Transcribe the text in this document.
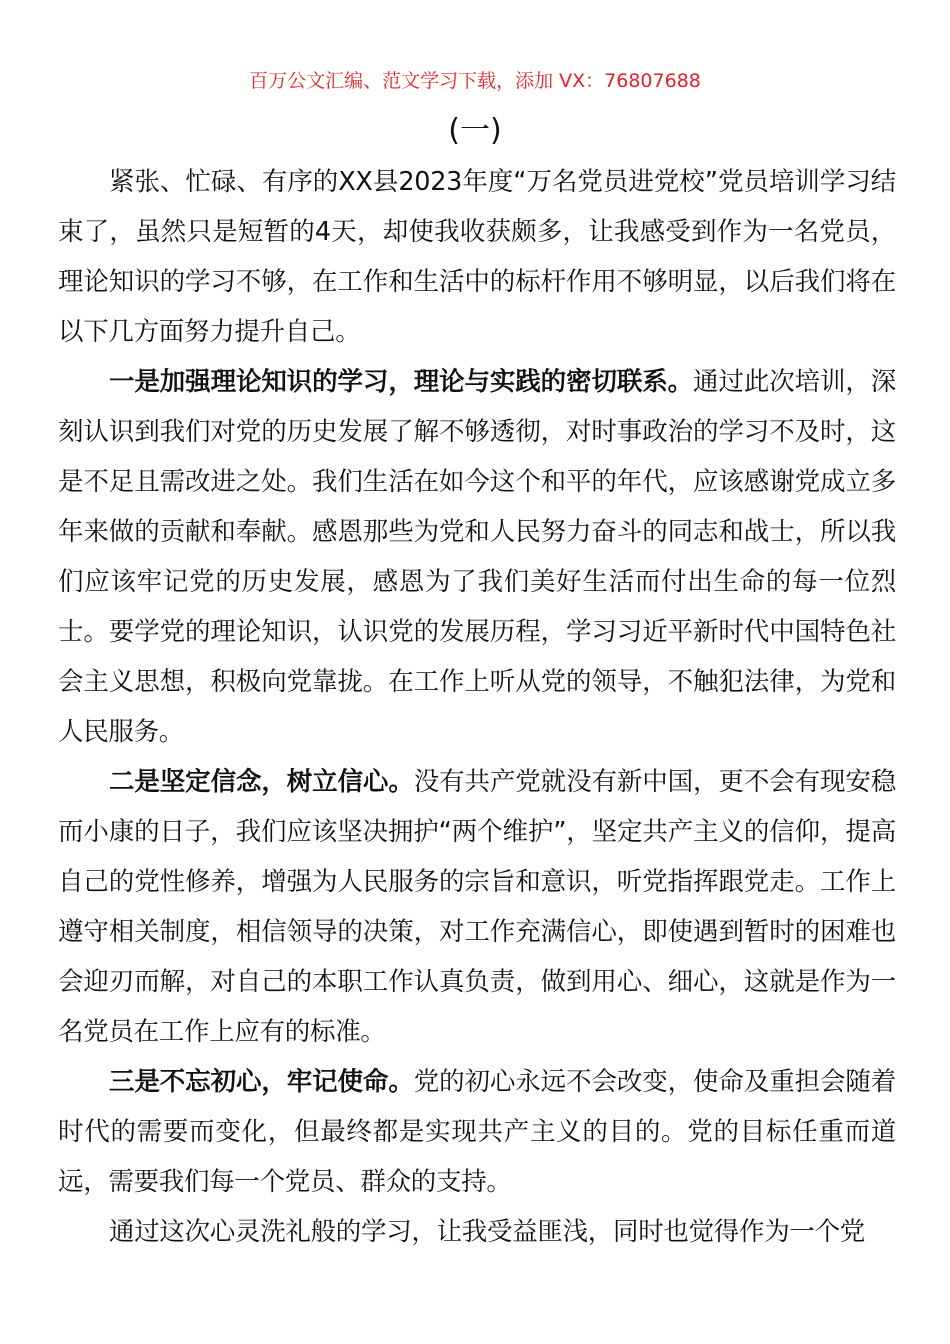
百万公文汇编、范文学习下载，添加 VX：76807688
(一)

紧张、忙碌、有序的XX县2023年度“万名党员进党校”党员培训学习结束了，虽然只是短暂的4天，却使我收获颇多，让我感受到作为一名党员，理论知识的学习不够，在工作和生活中的标杆作用不够明显，以后我们将在以下几方面努力提升自己。

一是加强理论知识的学习，理论与实践的密切联系。通过此次培训，深刻认识到我们对党的历史发展了解不够透彻，对时事政治的学习不及时，这是不足且需改进之处。我们生活在如今这个和平的年代，应该感谢党成立多年来做的贡献和奉献。感恩那些为党和人民努力奋斗的同志和战士，所以我们应该牢记党的历史发展，感恩为了我们美好生活而付出生命的每一位烈士。要学党的理论知识，认识党的发展历程，学习习近平新时代中国特色社会主义思想，积极向党靠拢。在工作上听从党的领导，不触犯法律，为党和人民服务。

二是坚定信念，树立信心。没有共产党就没有新中国，更不会有现安稳而小康的日子，我们应该坚决拥护“两个维护”，坚定共产主义的信仰，提高自己的党性修养，增强为人民服务的宗旨和意识，听党指挥跟党走。工作上遵守相关制度，相信领导的决策，对工作充满信心，即使遇到暂时的困难也会迎刃而解，对自己的本职工作认真负责，做到用心、细心，这就是作为一名党员在工作上应有的标准。

三是不忘初心，牢记使命。党的初心永远不会改变，使命及重担会随着时代的需要而变化，但最终都是实现共产主义的目的。党的目标任重而道远，需要我们每一个党员、群众的支持。

通过这次心灵洗礼般的学习，让我受益匪浅，同时也觉得作为一个党
